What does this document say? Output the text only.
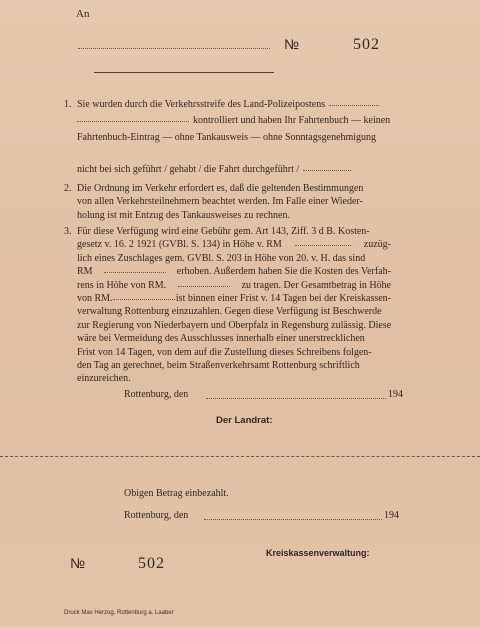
An
№	502
1. Sie wurden durch die Verkehrsstreife des Land-Polizeipostens
kontrolliert und haben Ihr Fahrtenbuch — keinen
Fahrtenbuch-Eintrag — ohne Tankausweis — ohne Sonntagsgenehmigung
nicht bei sich geführt / gehabt / die Fahrt durchgeführt /
2. Die Ordnung im Verkehr erfordert es, daß die geltenden Bestimmungen
von allen Verkehrsteilnehmern beachtet werden. Im Falle einer Wieder-
holung ist mit Entzug des Tankausweises zu rechnen.
3. Für diese Verfügung wird eine Gebühr gem. Art 143, Ziff. 3 d B. Kosten-
gesetz v. 16. 2 1921 (GVBl. S. 134) in Höhe v. RM	zuzüg-
lich eines Zuschlages gem. GVBl. S. 203 in Höhe von 20. v. H. das sind
RM	erhoben. Außerdem haben Sie die Kosten des Verfah-
rens in Höhe von RM.	zu tragen. Der Gesamtbetrag in Höhe
von RM.	ist binnen einer Frist v. 14 Tagen bei der Kreiskassen-
verwaltung Rottenburg einzuzahlen. Gegen diese Verfügung ist Beschwerde
zur Regierung von Niederbayern und Oberpfalz in Regensburg zulässig. Diese
wäre bei Vermeidung des Ausschlusses innerhalb einer unerstrecklichen
Frist von 14 Tagen, von dem auf die Zustellung dieses Schreibens folgen-
den Tag an gerechnet, beim Straßenverkehrsamt Rottenburg schriftlich
einzureichen.
Rottenburg, den	194
Der Landrat:
Obigen Betrag einbezahlt.
Rottenburg, den	194
Kreiskassenverwaltung:
№	502
Druck Max Herzog, Rottenburg a. Laaber
